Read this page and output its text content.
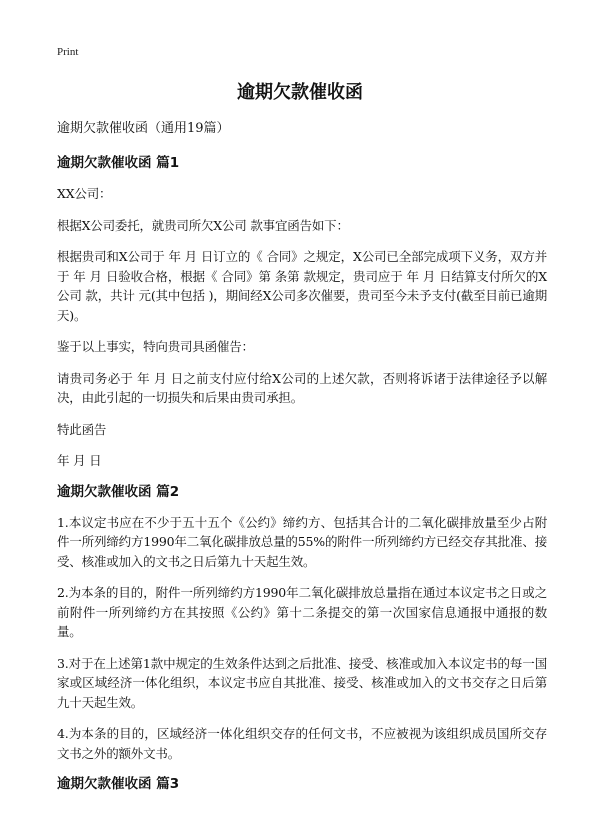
Print
逾期欠款催收函

逾期欠款催收函（通用19篇）

逾期欠款催收函 篇1

XX公司：

根据X公司委托，就贵司所欠X公司 款事宜函告如下：

根据贵司和X公司于 年 月 日订立的《 合同》之规定，X公司已全部完成项下义务，双方并于 年 月 日验收合格，根据《 合同》第 条第 款规定，贵司应于 年 月 日结算支付所欠的X公司 款，共计 元(其中包括 )，期间经X公司多次催要，贵司至今未予支付(截至目前已逾期 天)。

鉴于以上事实，特向贵司具函催告：

请贵司务必于 年 月 日之前支付应付给X公司的上述欠款，否则将诉诸于法律途径予以解决，由此引起的一切损失和后果由贵司承担。

特此函告

年 月 日

逾期欠款催收函 篇2

1.本议定书应在不少于五十五个《公约》缔约方、包括其合计的二氧化碳排放量至少占附件一所列缔约方1990年二氧化碳排放总量的55%的附件一所列缔约方已经交存其批准、接受、核准或加入的文书之日后第九十天起生效。

2.为本条的目的，附件一所列缔约方1990年二氧化碳排放总量指在通过本议定书之日或之前附件一所列缔约方在其按照《公约》第十二条提交的第一次国家信息通报中通报的数量。

3.对于在上述第1款中规定的生效条件达到之后批准、接受、核准或加入本议定书的每一国家或区域经济一体化组织，本议定书应自其批准、接受、核准或加入的文书交存之日后第九十天起生效。

4.为本条的目的，区域经济一体化组织交存的任何文书，不应被视为该组织成员国所交存文书之外的额外文书。

逾期欠款催收函 篇3
